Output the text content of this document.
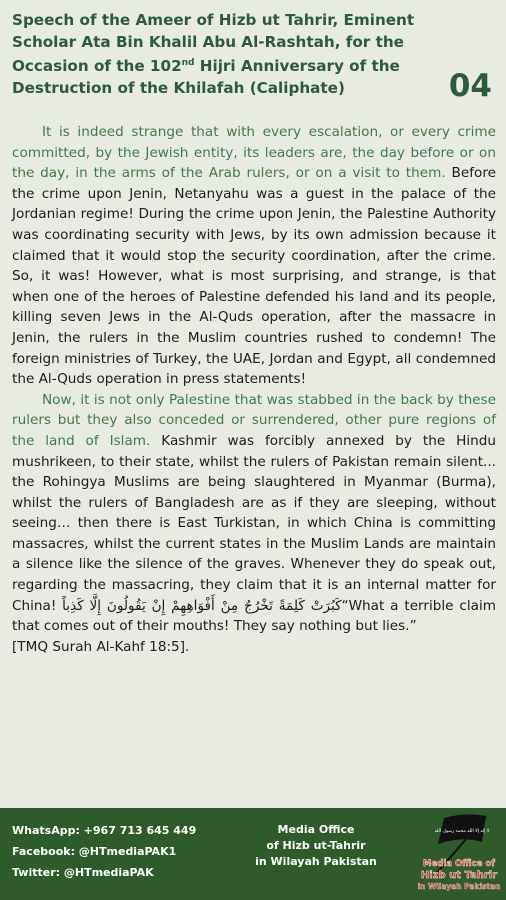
Speech of the Ameer of Hizb ut Tahrir, Eminent Scholar Ata Bin Khalil Abu Al-Rashtah, for the Occasion of the 102nd Hijri Anniversary of the Destruction of the Khilafah (Caliphate)	04

It is indeed strange that with every escalation, or every crime committed, by the Jewish entity, its leaders are, the day before or on the day, in the arms of the Arab rulers, or on a visit to them. Before the crime upon Jenin, Netanyahu was a guest in the palace of the Jordanian regime! During the crime upon Jenin, the Palestine Authority was coordinating security with Jews, by its own admission because it claimed that it would stop the security coordination, after the crime. So, it was! However, what is most surprising, and strange, is that when one of the heroes of Palestine defended his land and its people, killing seven Jews in the Al-Quds operation, after the massacre in Jenin, the rulers in the Muslim countries rushed to condemn! The foreign ministries of Turkey, the UAE, Jordan and Egypt, all condemned the Al-Quds operation in press statements!

Now, it is not only Palestine that was stabbed in the back by these rulers but they also conceded or surrendered, other pure regions of the land of Islam. Kashmir was forcibly annexed by the Hindu mushrikeen, to their state, whilst the rulers of Pakistan remain silent... the Rohingya Muslims are being slaughtered in Myanmar (Burma), whilst the rulers of Bangladesh are as if they are sleeping, without seeing… then there is East Turkistan, in which China is committing massacres, whilst the current states in the Muslim Lands are maintain a silence like the silence of the graves. Whenever they do speak out, regarding the massacring, they claim that it is an internal matter for China! كَبُرَتْ كَلِمَةً تَخْرُجُ مِنْ أَفْوَاهِهِمْ إِنْ يَقُولُونَ إِلَّا كَذِباً“What a terrible claim that comes out of their mouths! They say nothing but lies.”

[TMQ Surah Al-Kahf 18:5].

WhatsApp: +967 713 645 449
Facebook: @HTmediaPAK1
Twitter: @HTmediaPAK
Media Office
of Hizb ut-Tahrir
in Wilayah Pakistan
لا إله إلا الله محمد رسول الله
Media Office of
Hizb ut Tahrir
in Wilayah Pakistan
